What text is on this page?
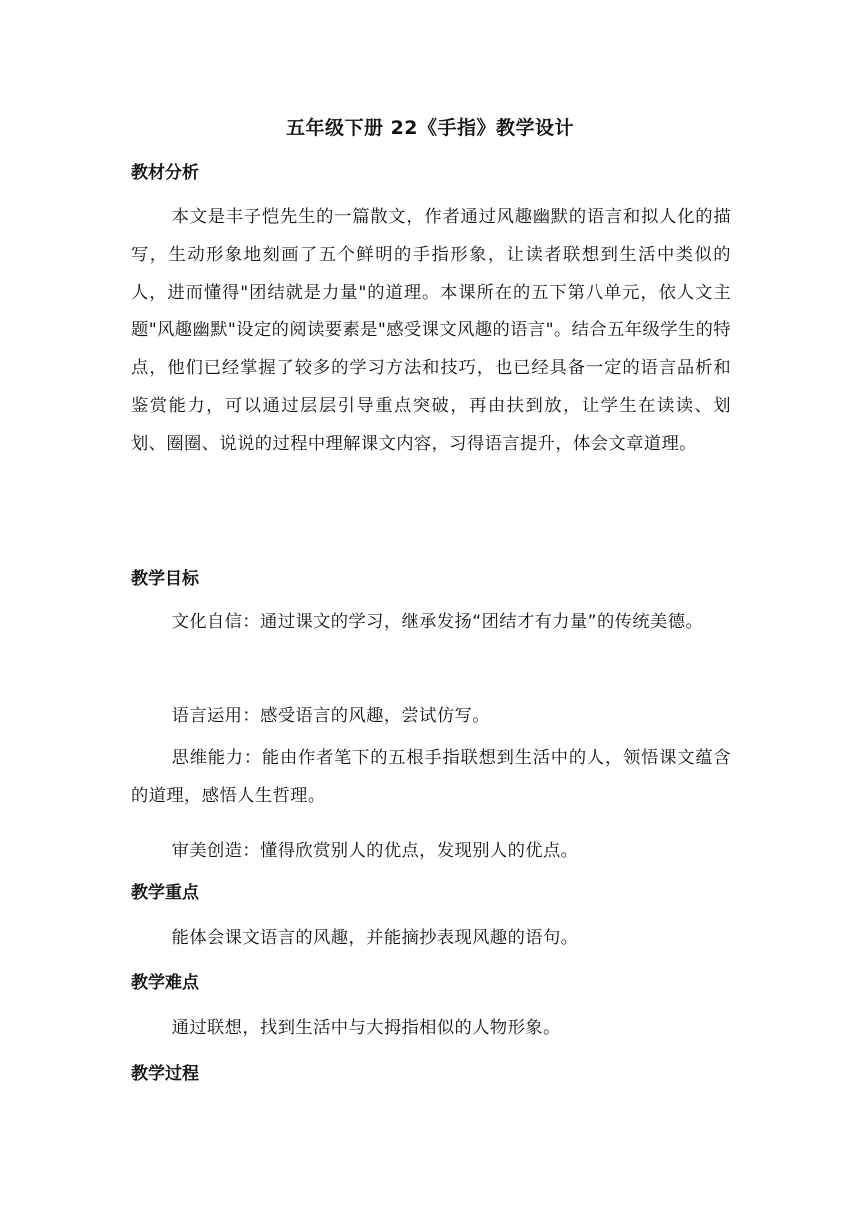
五年级下册 22《手指》教学设计
教材分析

本文是丰子恺先生的一篇散文，作者通过风趣幽默的语言和拟人化的描写，生动形象地刻画了五个鲜明的手指形象，让读者联想到生活中类似的人，进而懂得"团结就是力量"的道理。本课所在的五下第八单元，依人文主题"风趣幽默"设定的阅读要素是"感受课文风趣的语言"。结合五年级学生的特点，他们已经掌握了较多的学习方法和技巧，也已经具备一定的语言品析和鉴赏能力，可以通过层层引导重点突破，再由扶到放，让学生在读读、划划、圈圈、说说的过程中理解课文内容，习得语言提升，体会文章道理。

教学目标

文化自信：通过课文的学习，继承发扬“团结才有力量”的传统美德。

语言运用：感受语言的风趣，尝试仿写。

思维能力：能由作者笔下的五根手指联想到生活中的人，领悟课文蕴含的道理，感悟人生哲理。

审美创造：懂得欣赏别人的优点，发现别人的优点。

教学重点

能体会课文语言的风趣，并能摘抄表现风趣的语句。

教学难点

通过联想，找到生活中与大拇指相似的人物形象。

教学过程
